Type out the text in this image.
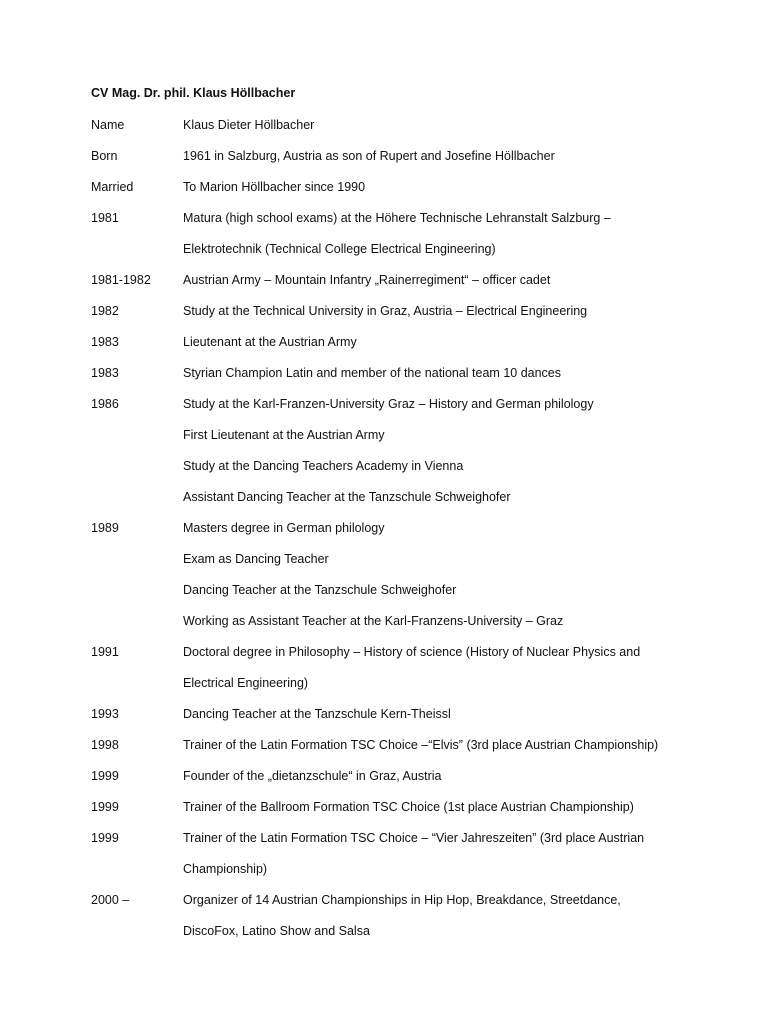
CV Mag. Dr. phil. Klaus Höllbacher
Name	Klaus Dieter Höllbacher
Born	1961 in Salzburg, Austria as son of Rupert and Josefine Höllbacher
Married	To Marion Höllbacher since 1990
1981	Matura (high school exams) at the Höhere Technische Lehranstalt Salzburg –
Elektrotechnik (Technical College Electrical Engineering)
1981-1982	Austrian Army – Mountain Infantry „Rainerregiment“ – officer cadet
1982	Study at the Technical University in Graz, Austria – Electrical Engineering
1983	Lieutenant at the Austrian Army
1983	Styrian Champion Latin and member of the national team 10 dances
1986	Study at the Karl-Franzen-University Graz – History and German philology
First Lieutenant at the Austrian Army
Study at the Dancing Teachers Academy in Vienna
Assistant Dancing Teacher at the Tanzschule Schweighofer
1989	Masters degree in German philology
Exam as Dancing Teacher
Dancing Teacher at the Tanzschule Schweighofer
Working as Assistant Teacher at the Karl-Franzens-University – Graz
1991	Doctoral degree in Philosophy – History of science (History of Nuclear Physics and
Electrical Engineering)
1993	Dancing Teacher at the Tanzschule Kern-Theissl
1998	Trainer of the Latin Formation TSC Choice –“Elvis” (3rd place Austrian Championship)
1999	Founder of the „dietanzschule“ in Graz, Austria
1999	Trainer of the Ballroom Formation TSC Choice (1st place Austrian Championship)
1999	Trainer of the Latin Formation TSC Choice – “Vier Jahreszeiten” (3rd place Austrian
Championship)
2000 –	Organizer of 14 Austrian Championships in Hip Hop, Breakdance, Streetdance,
DiscoFox, Latino Show and Salsa
